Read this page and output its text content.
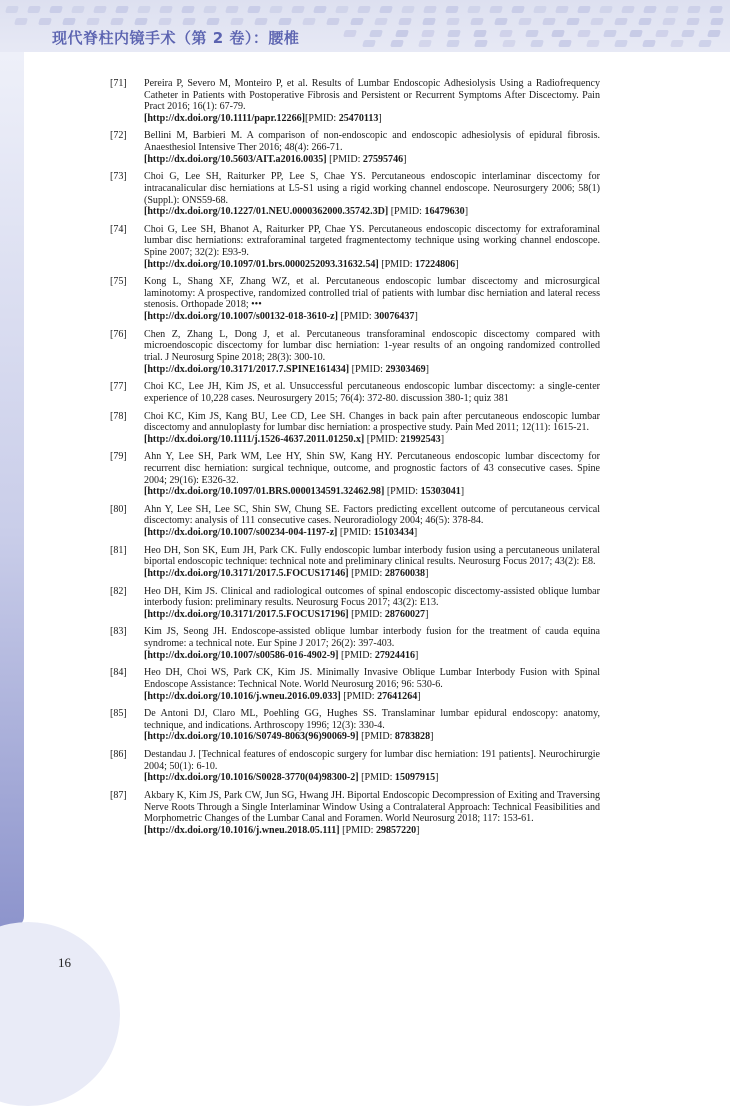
现代脊柱内镜手术（第 2 卷）：腰椎
16
[71] Pereira P, Severo M, Monteiro P, et al. Results of Lumbar Endoscopic Adhesiolysis Using a Radiofrequency Catheter in Patients with Postoperative Fibrosis and Persistent or Recurrent Symptoms After Discectomy. Pain Pract 2016; 16(1): 67-79.
[http://dx.doi.org/10.1111/papr.12266][PMID: 25470113]
[72] Bellini M, Barbieri M. A comparison of non-endoscopic and endoscopic adhesiolysis of epidural fibrosis. Anaesthesiol Intensive Ther 2016; 48(4): 266-71.
[http://dx.doi.org/10.5603/AIT.a2016.0035] [PMID: 27595746]
[73] Choi G, Lee SH, Raiturker PP, Lee S, Chae YS. Percutaneous endoscopic interlaminar discectomy for intracanalicular disc herniations at L5-S1 using a rigid working channel endoscope. Neurosurgery 2006; 58(1) (Suppl.): ONS59-68.
[http://dx.doi.org/10.1227/01.NEU.0000362000.35742.3D] [PMID: 16479630]
[74] Choi G, Lee SH, Bhanot A, Raiturker PP, Chae YS. Percutaneous endoscopic discectomy for extraforaminal lumbar disc herniations: extraforaminal targeted fragmentectomy technique using working channel endoscope. Spine 2007; 32(2): E93-9.
[http://dx.doi.org/10.1097/01.brs.0000252093.31632.54] [PMID: 17224806]
[75] Kong L, Shang XF, Zhang WZ, et al. Percutaneous endoscopic lumbar discectomy and microsurgical laminotomy: A prospective, randomized controlled trial of patients with lumbar disc herniation and lateral recess stenosis. Orthopade 2018; •••
[http://dx.doi.org/10.1007/s00132-018-3610-z] [PMID: 30076437]
[76] Chen Z, Zhang L, Dong J, et al. Percutaneous transforaminal endoscopic discectomy compared with microendoscopic discectomy for lumbar disc herniation: 1-year results of an ongoing randomized controlled trial. J Neurosurg Spine 2018; 28(3): 300-10.
[http://dx.doi.org/10.3171/2017.7.SPINE161434] [PMID: 29303469]
[77] Choi KC, Lee JH, Kim JS, et al. Unsuccessful percutaneous endoscopic lumbar discectomy: a single-center experience of 10,228 cases. Neurosurgery 2015; 76(4): 372-80. discussion 380-1; quiz 381
[78] Choi KC, Kim JS, Kang BU, Lee CD, Lee SH. Changes in back pain after percutaneous endoscopic lumbar discectomy and annuloplasty for lumbar disc herniation: a prospective study. Pain Med 2011; 12(11): 1615-21.
[http://dx.doi.org/10.1111/j.1526-4637.2011.01250.x] [PMID: 21992543]
[79] Ahn Y, Lee SH, Park WM, Lee HY, Shin SW, Kang HY. Percutaneous endoscopic lumbar discectomy for recurrent disc herniation: surgical technique, outcome, and prognostic factors of 43 consecutive cases. Spine 2004; 29(16): E326-32.
[http://dx.doi.org/10.1097/01.BRS.0000134591.32462.98] [PMID: 15303041]
[80] Ahn Y, Lee SH, Lee SC, Shin SW, Chung SE. Factors predicting excellent outcome of percutaneous cervical discectomy: analysis of 111 consecutive cases. Neuroradiology 2004; 46(5): 378-84.
[http://dx.doi.org/10.1007/s00234-004-1197-z] [PMID: 15103434]
[81] Heo DH, Son SK, Eum JH, Park CK. Fully endoscopic lumbar interbody fusion using a percutaneous unilateral biportal endoscopic technique: technical note and preliminary clinical results. Neurosurg Focus 2017; 43(2): E8.
[http://dx.doi.org/10.3171/2017.5.FOCUS17146] [PMID: 28760038]
[82] Heo DH, Kim JS. Clinical and radiological outcomes of spinal endoscopic discectomy-assisted oblique lumbar interbody fusion: preliminary results. Neurosurg Focus 2017; 43(2): E13.
[http://dx.doi.org/10.3171/2017.5.FOCUS17196] [PMID: 28760027]
[83] Kim JS, Seong JH. Endoscope-assisted oblique lumbar interbody fusion for the treatment of cauda equina syndrome: a technical note. Eur Spine J 2017; 26(2): 397-403.
[http://dx.doi.org/10.1007/s00586-016-4902-9] [PMID: 27924416]
[84] Heo DH, Choi WS, Park CK, Kim JS. Minimally Invasive Oblique Lumbar Interbody Fusion with Spinal Endoscope Assistance: Technical Note. World Neurosurg 2016; 96: 530-6.
[http://dx.doi.org/10.1016/j.wneu.2016.09.033] [PMID: 27641264]
[85] De Antoni DJ, Claro ML, Poehling GG, Hughes SS. Translaminar lumbar epidural endoscopy: anatomy, technique, and indications. Arthroscopy 1996; 12(3): 330-4.
[http://dx.doi.org/10.1016/S0749-8063(96)90069-9] [PMID: 8783828]
[86] Destandau J. [Technical features of endoscopic surgery for lumbar disc herniation: 191 patients]. Neurochirurgie 2004; 50(1): 6-10.
[http://dx.doi.org/10.1016/S0028-3770(04)98300-2] [PMID: 15097915]
[87] Akbary K, Kim JS, Park CW, Jun SG, Hwang JH. Biportal Endoscopic Decompression of Exiting and Traversing Nerve Roots Through a Single Interlaminar Window Using a Contralateral Approach: Technical Feasibilities and Morphometric Changes of the Lumbar Canal and Foramen. World Neurosurg 2018; 117: 153-61.
[http://dx.doi.org/10.1016/j.wneu.2018.05.111] [PMID: 29857220]
